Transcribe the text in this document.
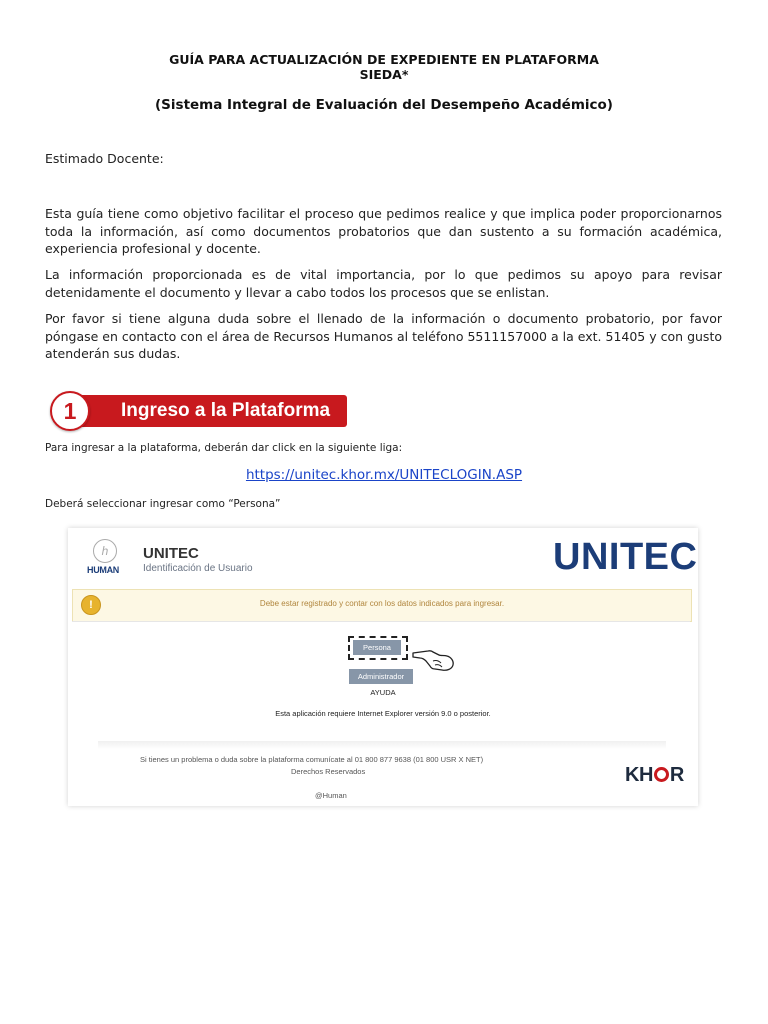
GUÍA PARA ACTUALIZACIÓN DE EXPEDIENTE EN PLATAFORMA
SIEDA*
(Sistema Integral de Evaluación del Desempeño Académico)
Estimado Docente:
Esta guía tiene como objetivo facilitar el proceso que pedimos realice y que implica poder proporcionarnos toda la información, así como documentos probatorios que dan sustento a su formación académica, experiencia profesional y docente.
La información proporcionada es de vital importancia, por lo que pedimos su apoyo para revisar detenidamente el documento y llevar a cabo todos los procesos que se enlistan.
Por favor si tiene alguna duda sobre el llenado de la información o documento probatorio, por favor póngase en contacto con el área de Recursos Humanos al teléfono 5511157000 a la ext. 51405 y con gusto atenderán sus dudas.
Ingreso a la Plataforma
1
Para ingresar a la plataforma, deberán dar click en la siguiente liga:
https://unitec.khor.mx/UNITECLOGIN.ASP
Deberá seleccionar ingresar como “Persona”
h
HUMAN
UNITEC
Identificación de Usuario	UNITEC
!	Debe estar registrado y contar con los datos indicados para ingresar.
Persona
Administrador
AYUDA
Esta aplicación requiere Internet Explorer versión 9.0 o posterior.
Si tienes un problema o duda sobre la plataforma comunícate al 01 800 877 9638 (01 800 USR X NET)
Derechos Reservados
@Human
KH R
